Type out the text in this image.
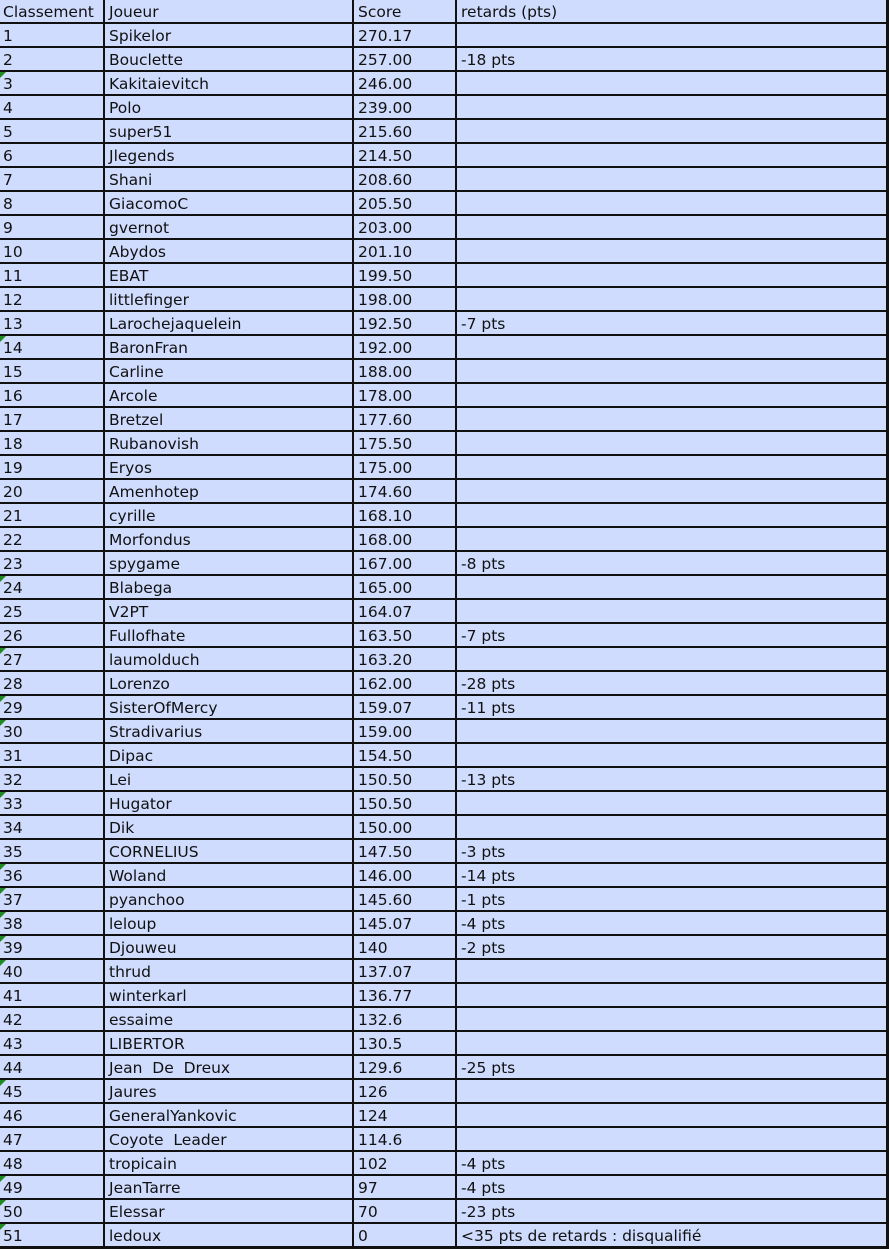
Classement Joueur	Score	retards (pts)
1	Spikelor	270.17
2	Bouclette	257.00	-18 pts
3	Kakitaievitch	246.00
4	Polo	239.00
5	super51	215.60
6	Jlegends	214.50
7	Shani	208.60
8	GiacomoC	205.50
9	gvernot	203.00
10	Abydos	201.10
11	EBAT	199.50
12	littlefinger	198.00
13	Larochejaquelein	192.50	-7 pts
14	BaronFran	192.00
15	Carline	188.00
16	Arcole	178.00
17	Bretzel	177.60
18	Rubanovish	175.50
19	Eryos	175.00
20	Amenhotep	174.60
21	cyrille	168.10
22	Morfondus	168.00
23	spygame	167.00	-8 pts
24	Blabega	165.00
25	V2PT	164.07
26	Fullofhate	163.50	-7 pts
27	laumolduch	163.20
28	Lorenzo	162.00	-28 pts
29	SisterOfMercy	159.07	-11 pts
30	Stradivarius	159.00
31	Dipac	154.50
32	Lei	150.50	-13 pts
33	Hugator	150.50
34	Dik	150.00
35	CORNELIUS	147.50	-3 pts
36	Woland	146.00	-14 pts
37	pyanchoo	145.60	-1 pts
38	leloup	145.07	-4 pts
39	Djouweu	140	-2 pts
40	thrud	137.07
41	winterkarl	136.77
42	essaime	132.6
43	LIBERTOR	130.5
44	Jean  De  Dreux	129.6	-25 pts
45	Jaures	126
46	GeneralYankovic	124
47	Coyote  Leader	114.6
48	tropicain	102	-4 pts
49	JeanTarre	97	-4 pts
50	Elessar	70	-23 pts
51	ledoux	0	<35 pts de retards : disqualifié
